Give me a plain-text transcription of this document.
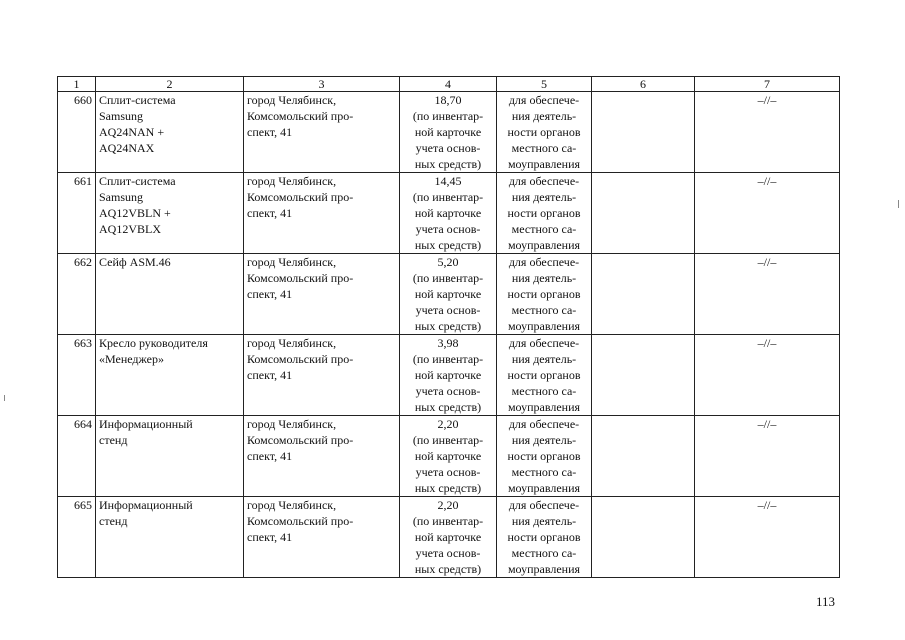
1	2	3	4	5	6	7
660	Сплит-система
Samsung
AQ24NAN +
AQ24NAX	город Челябинск,
Комсомольский про-
спект, 41	18,70
(по инвентар-
ной карточке
учета основ-
ных средств)	для обеспече-
ния деятель-
ности органов
местного са-
моуправления		–//–
661	Сплит-система
Samsung
AQ12VBLN +
AQ12VBLX	город Челябинск,
Комсомольский про-
спект, 41	14,45
(по инвентар-
ной карточке
учета основ-
ных средств)	для обеспече-
ния деятель-
ности органов
местного са-
моуправления		–//–
662	Сейф ASM.46	город Челябинск,
Комсомольский про-
спект, 41	5,20
(по инвентар-
ной карточке
учета основ-
ных средств)	для обеспече-
ния деятель-
ности органов
местного са-
моуправления		–//–
663	Кресло руководителя
«Менеджер»	город Челябинск,
Комсомольский про-
спект, 41	3,98
(по инвентар-
ной карточке
учета основ-
ных средств)	для обеспече-
ния деятель-
ности органов
местного са-
моуправления		–//–
664	Информационный
стенд	город Челябинск,
Комсомольский про-
спект, 41	2,20
(по инвентар-
ной карточке
учета основ-
ных средств)	для обеспече-
ния деятель-
ности органов
местного са-
моуправления		–//–
665	Информационный
стенд	город Челябинск,
Комсомольский про-
спект, 41	2,20
(по инвентар-
ной карточке
учета основ-
ных средств)	для обеспече-
ния деятель-
ности органов
местного са-
моуправления		–//–
113
